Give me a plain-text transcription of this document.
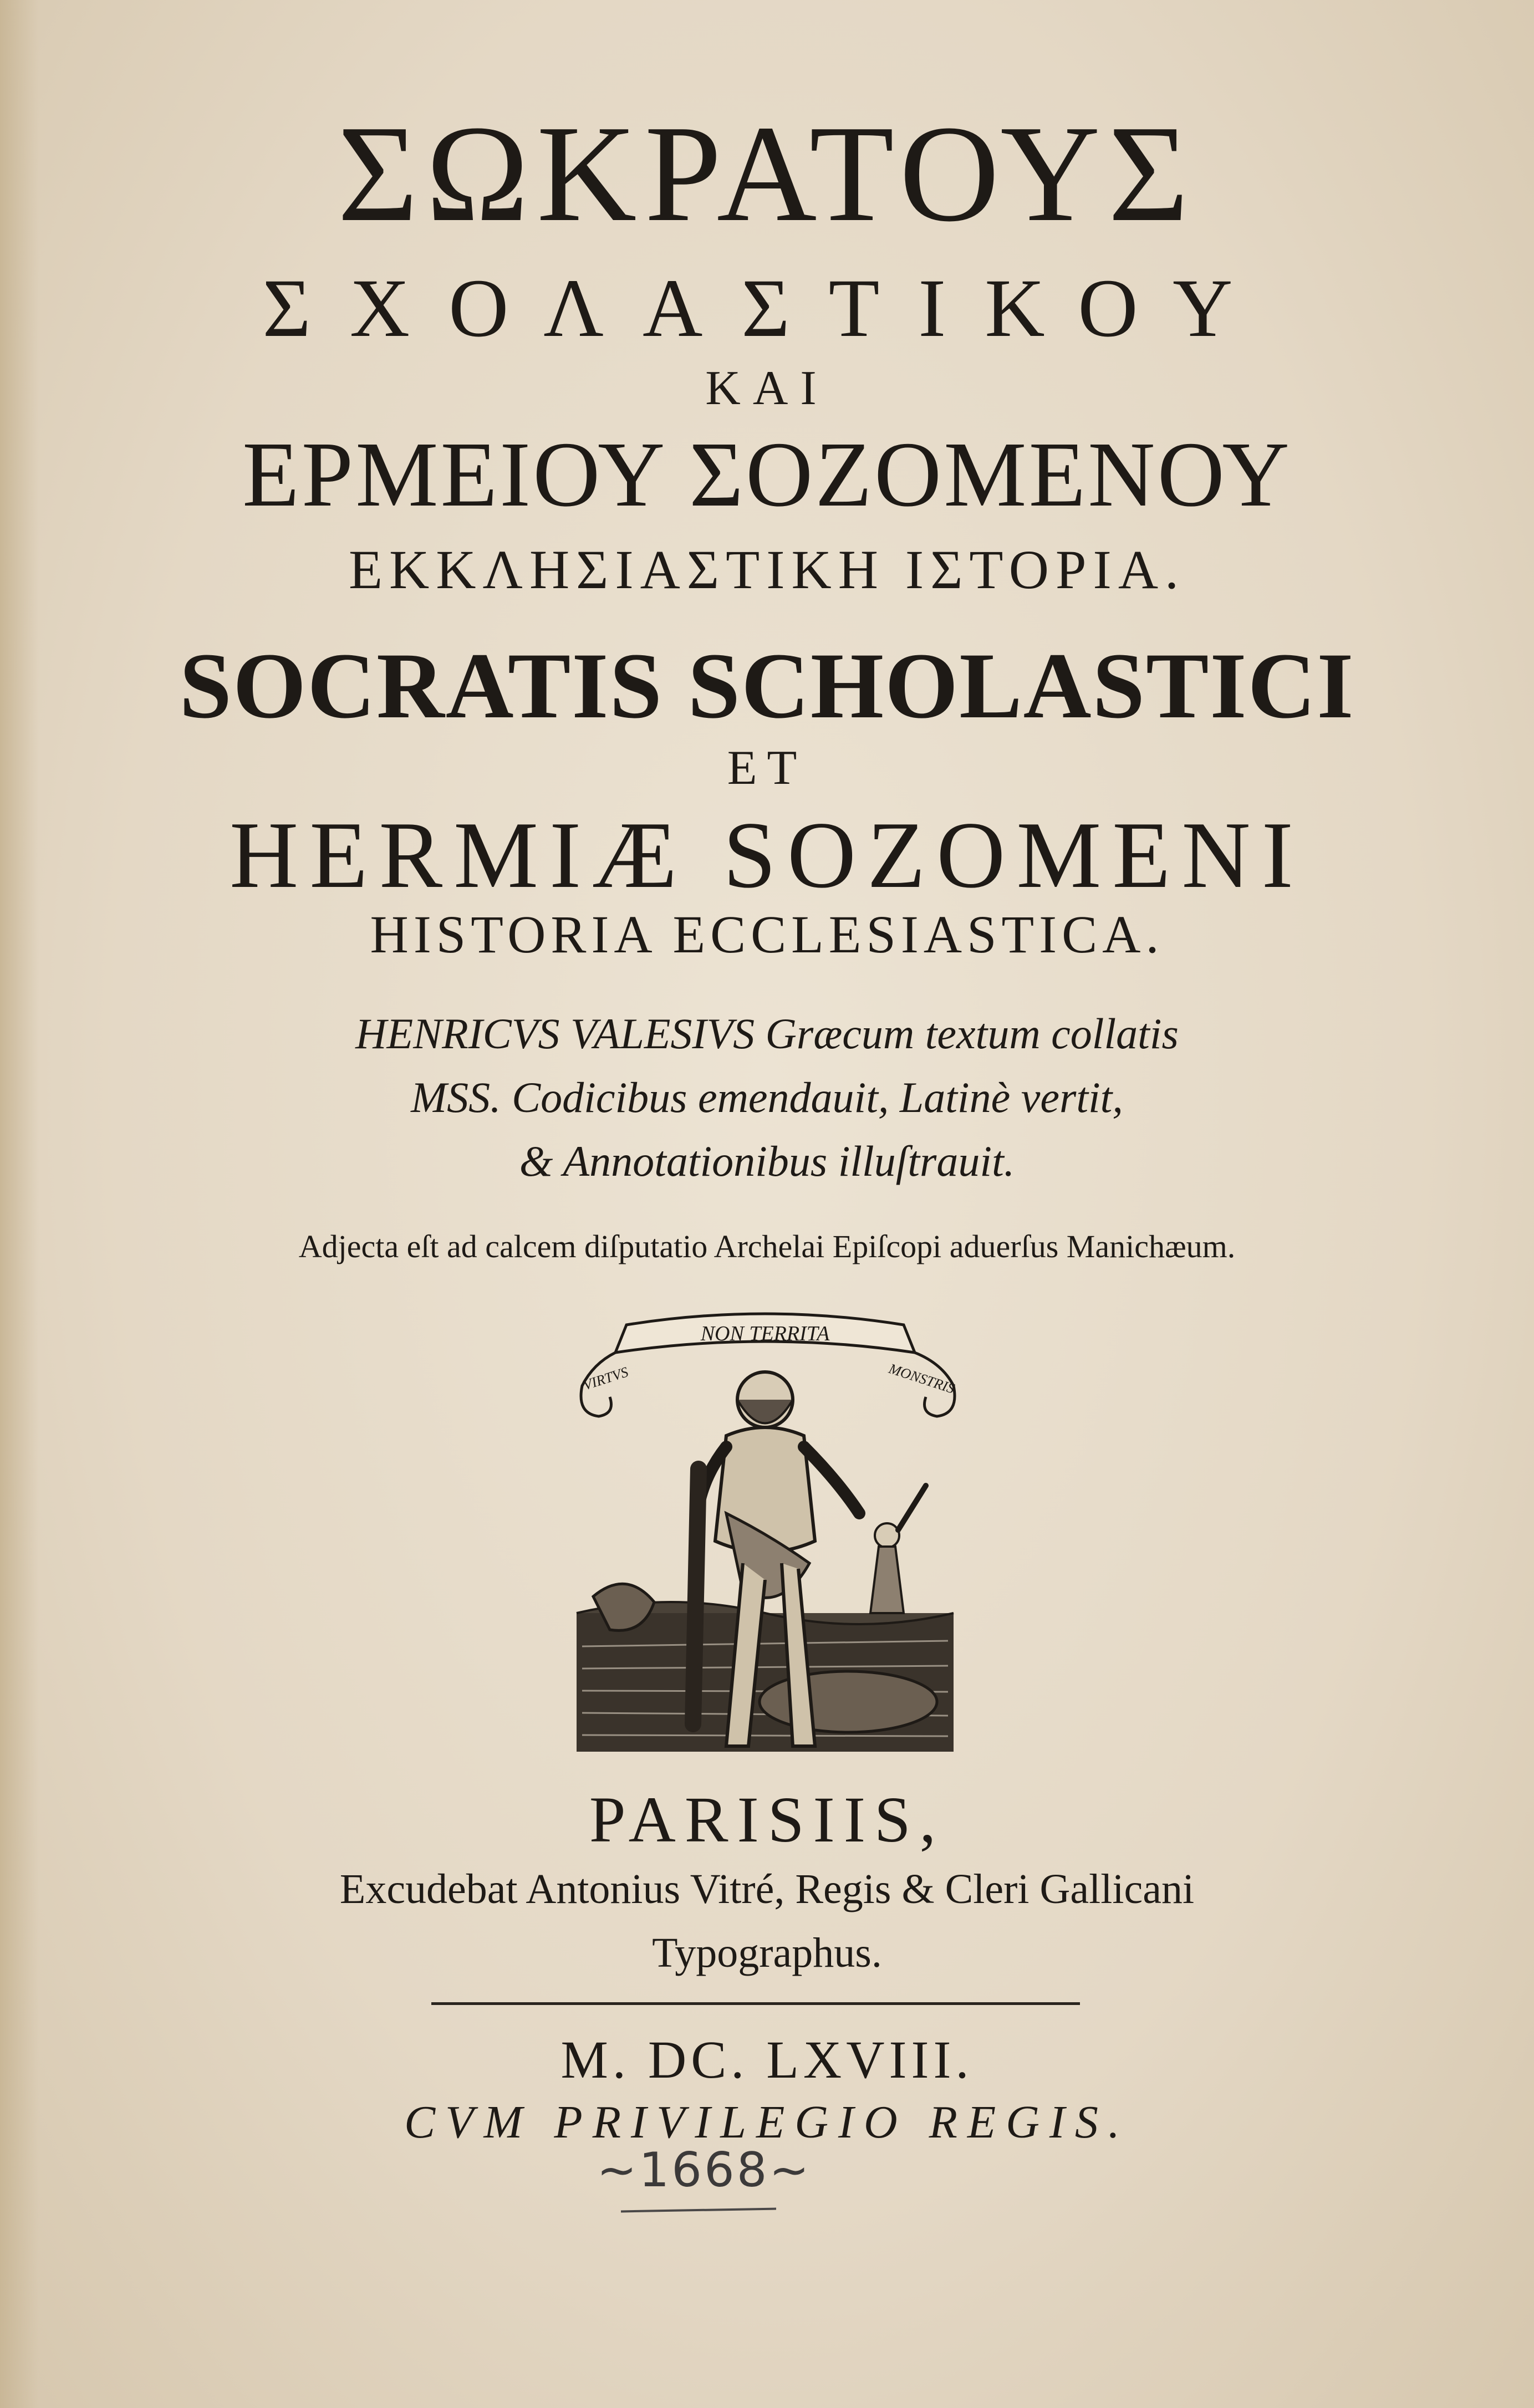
ΣΩΚΡΑΤΟΥΣ
ΣΧΟΛΑΣΤΙΚΟΥ
ΚΑΙ
ΕΡΜΕΙΟΥ ΣΟΖΟΜΕΝΟΥ
ΕΚΚΛΗΣΙΑΣΤΙΚΗ ΙΣΤΟΡΙΑ.
SOCRATIS SCHOLASTICI
ET
HERMIÆ SOZOMENI
HISTORIA ECCLESIASTICA.
HENRICVS VALESIVS Græcum textum collatis
MSS. Codicibus emendauit, Latinè vertit,
& Annotationibus illuſtrauit.
Adjecta eſt ad calcem diſputatio Archelai Epiſcopi aduerſus Manichæum.
NON TERRITA
VIRTVS	MONSTRIS
PARISIIS,
Excudebat Antonius Vitré, Regis & Cleri Gallicani
Typographus.
M. DC. LXVIII.
CVM PRIVILEGIO REGIS.
~1668~
